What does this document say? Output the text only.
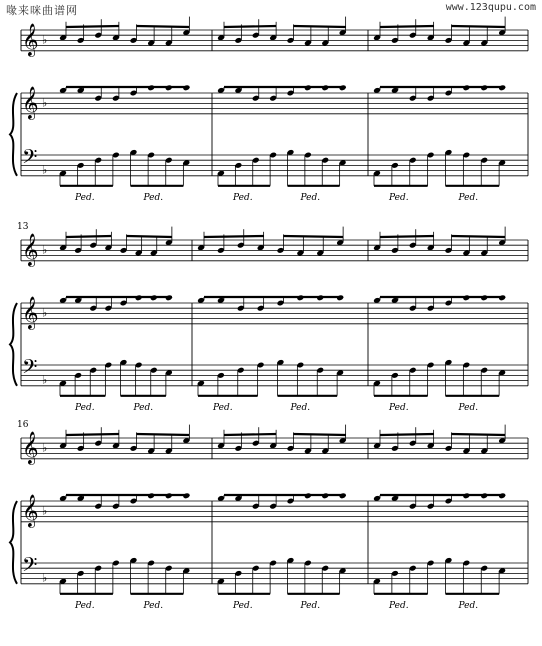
喙来咪曲谱网	www.123qupu.com
𝄞
𝄞
𝄢
♭
♭
♭
Ped.	Ped.	Ped.	Ped.	Ped.	Ped.
13
𝄞
𝄞
𝄢
♭
♭
♭
Ped.	Ped.	Ped.	Ped.	Ped.	Ped.
16
𝄞
𝄞
𝄢
♭
♭
♭
Ped.	Ped.	Ped.	Ped.	Ped.	Ped.
